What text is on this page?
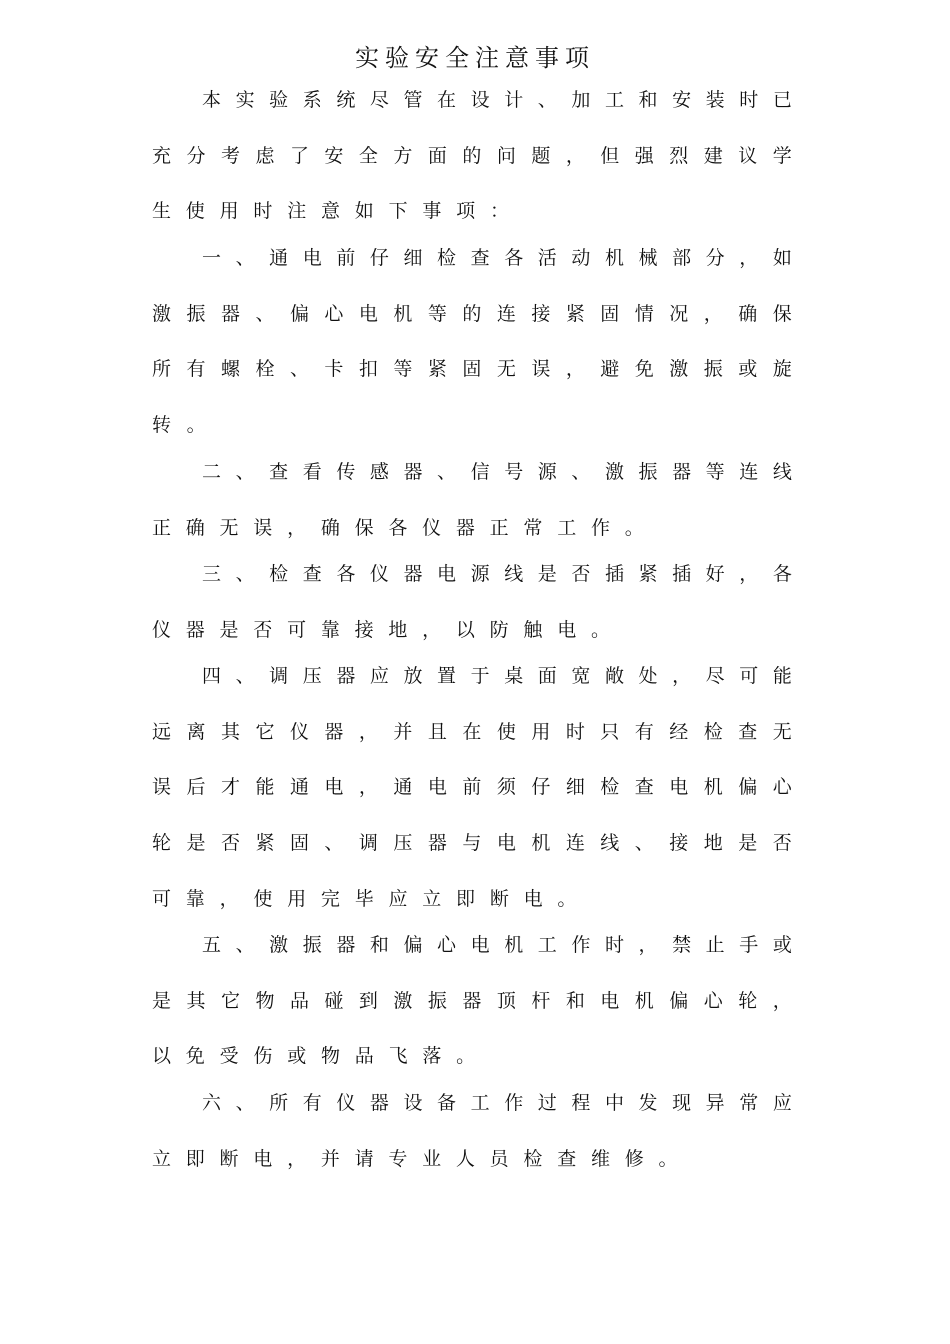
实验安全注意事项
本 实 验 系 统 尽 管 在 设 计 、 加 工 和 安 装 时 已
充 分 考 虑 了 安 全 方 面 的 问 题 ， 但 强 烈 建 议 学
生 使 用 时 注 意 如 下 事 项 ：
一 、 通 电 前 仔 细 检 查 各 活 动 机 械 部 分 ， 如
激 振 器 、 偏 心 电 机 等 的 连 接 紧 固 情 况 ， 确 保
所 有 螺 栓 、 卡 扣 等 紧 固 无 误 ， 避 免 激 振 或 旋
转 。
二 、 查 看 传 感 器 、 信 号 源 、 激 振 器 等 连 线
正 确 无 误 ， 确 保 各 仪 器 正 常 工 作 。
三 、 检 查 各 仪 器 电 源 线 是 否 插 紧 插 好 ， 各
仪 器 是 否 可 靠 接 地 ， 以 防 触 电 。
四 、 调 压 器 应 放 置 于 桌 面 宽 敞 处 ， 尽 可 能
远 离 其 它 仪 器 ， 并 且 在 使 用 时 只 有 经 检 查 无
误 后 才 能 通 电 ， 通 电 前 须 仔 细 检 查 电 机 偏 心
轮 是 否 紧 固 、 调 压 器 与 电 机 连 线 、 接 地 是 否
可 靠 ， 使 用 完 毕 应 立 即 断 电 。
五 、 激 振 器 和 偏 心 电 机 工 作 时 ， 禁 止 手 或
是 其 它 物 品 碰 到 激 振 器 顶 杆 和 电 机 偏 心 轮 ，
以 免 受 伤 或 物 品 飞 落 。
六 、 所 有 仪 器 设 备 工 作 过 程 中 发 现 异 常 应
立 即 断 电 ， 并 请 专 业 人 员 检 查 维 修 。
